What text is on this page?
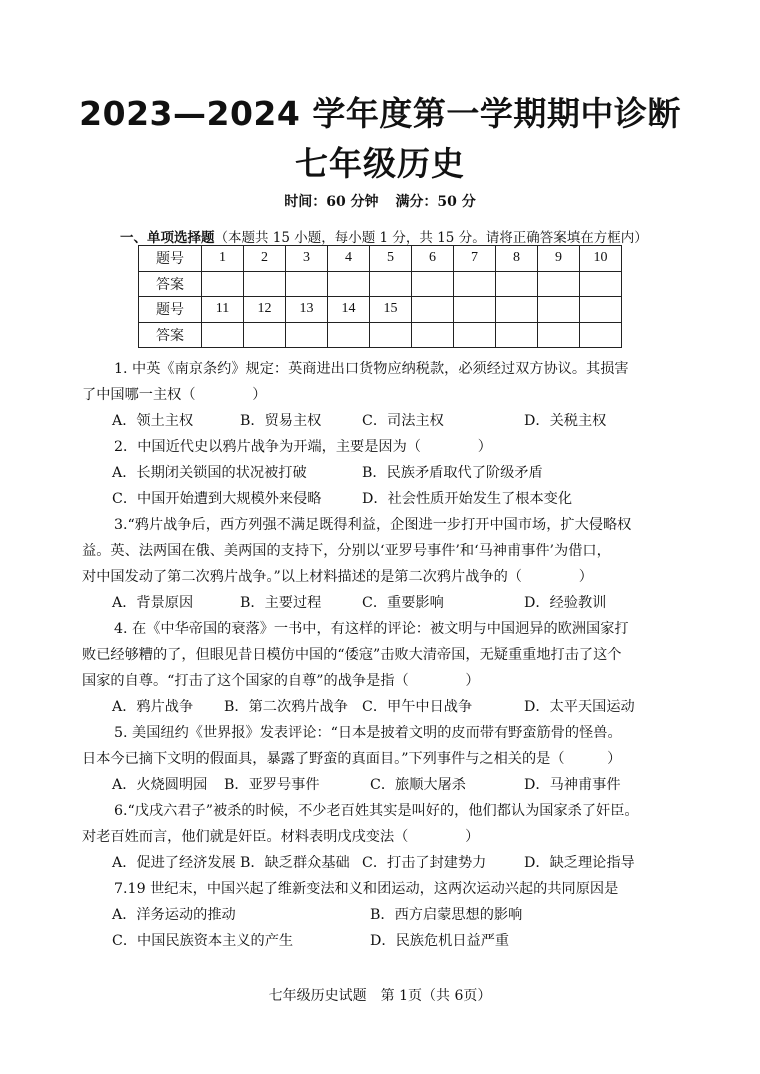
2023—2024 学年度第一学期期中诊断
七年级历史
时间：60 分钟 满分：50 分
一、单项选择题（本题共 15 小题，每小题 1 分，共 15 分。请将正确答案填在方框内）
题号	1	2	3	4	5	6	7	8	9	10
答案										
题号	11	12	13	14	15					
答案										

1. 中英《南京条约》规定：英商进出口货物应纳税款，必须经过双方协议。其损害

了中国哪一主权（　　　　）

A．领土主权	B．贸易主权	C．司法主权	D．关税主权

2．中国近代史以鸦片战争为开端，主要是因为（　　　　）

A．长期闭关锁国的状况被打破	B．民族矛盾取代了阶级矛盾
C．中国开始遭到大规模外来侵略	D．社会性质开始发生了根本变化

3.“鸦片战争后，西方列强不满足既得利益，企图进一步打开中国市场，扩大侵略权

益。英、法两国在俄、美两国的支持下，分别以‘亚罗号事件’和‘马神甫事件’为借口，

对中国发动了第二次鸦片战争。”以上材料描述的是第二次鸦片战争的（　　　　）

A．背景原因	B．主要过程	C．重要影响	D．经验教训

4. 在《中华帝国的衰落》一书中，有这样的评论：被文明与中国迥异的欧洲国家打

败已经够糟的了，但眼见昔日模仿中国的“倭寇”击败大清帝国，无疑重重地打击了这个

国家的自尊。“打击了这个国家的自尊”的战争是指（　　　　）

A．鸦片战争 B．第二次鸦片战争 C．甲午中日战争	D．太平天国运动

5. 美国纽约《世界报》发表评论：“日本是披着文明的皮而带有野蛮筋骨的怪兽。

日本今已摘下文明的假面具，暴露了野蛮的真面目。”下列事件与之相关的是（　　　）

A．火烧圆明园 B．亚罗号事件	C．旅顺大屠杀	D．马神甫事件

6.“戊戌六君子”被杀的时候，不少老百姓其实是叫好的，他们都认为国家杀了奸臣。

对老百姓而言，他们就是奸臣。材料表明戊戌变法（　　　　）

A．促进了经济发展 B．缺乏群众基础 C．打击了封建势力	D．缺乏理论指导

7.19 世纪末，中国兴起了维新变法和义和团运动，这两次运动兴起的共同原因是

A．洋务运动的推动	B．西方启蒙思想的影响
C．中国民族资本主义的产生	D．民族危机日益严重
七年级历史试题　第 1页（共 6页）
